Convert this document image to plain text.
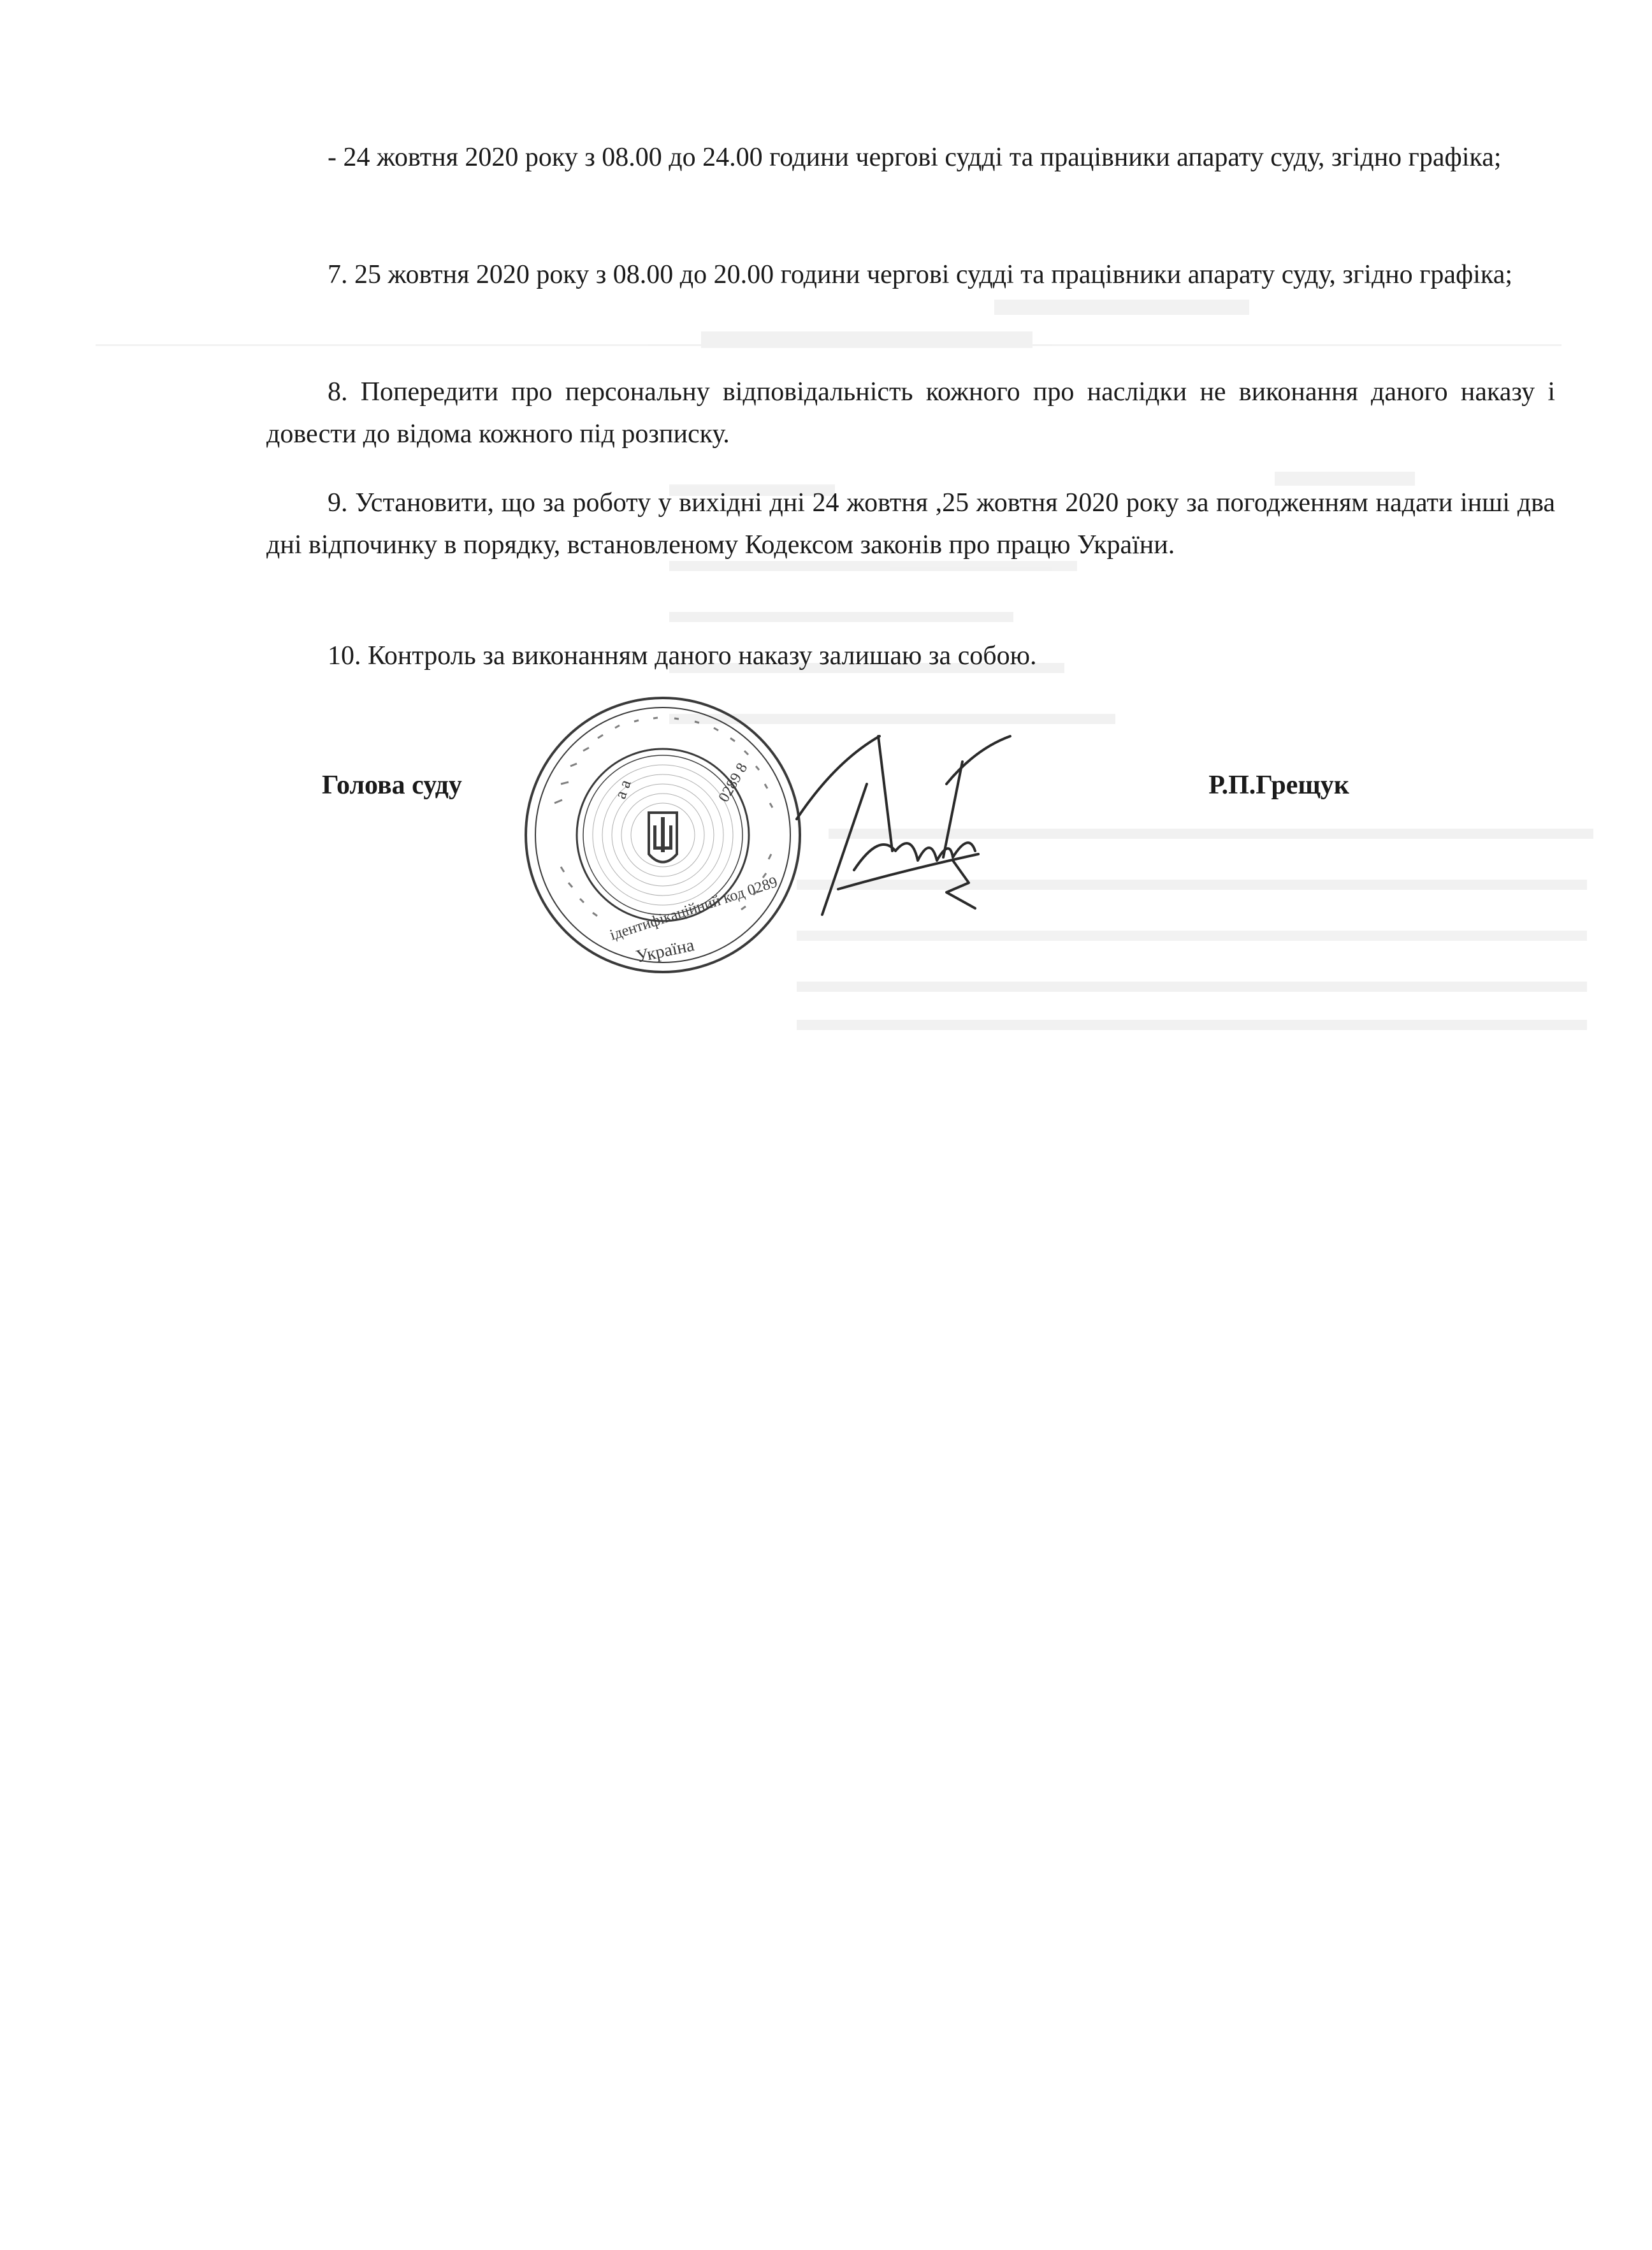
- 24 жовтня 2020 року з 08.00 до 24.00 години чергові судді та працівники апарату суду, згідно графіка;

7. 25 жовтня 2020 року з 08.00 до 20.00 години чергові судді та працівники апарату суду, згідно графіка;

8. Попередити про персональну відповідальність кожного про наслідки не виконання даного наказу і довести до відома кожного під розписку.

9. Установити, що за роботу у вихідні дні 24 жовтня ,25 жовтня 2020 року за погодженням надати інші два дні відпочинку в порядку, встановленому Кодексом законів про працю України.

10. Контроль за виконанням даного наказу залишаю за собою.

a a	0289 8
ідентифікаційний код 0289
Україна
Голова суду	Р.П.Грещук
